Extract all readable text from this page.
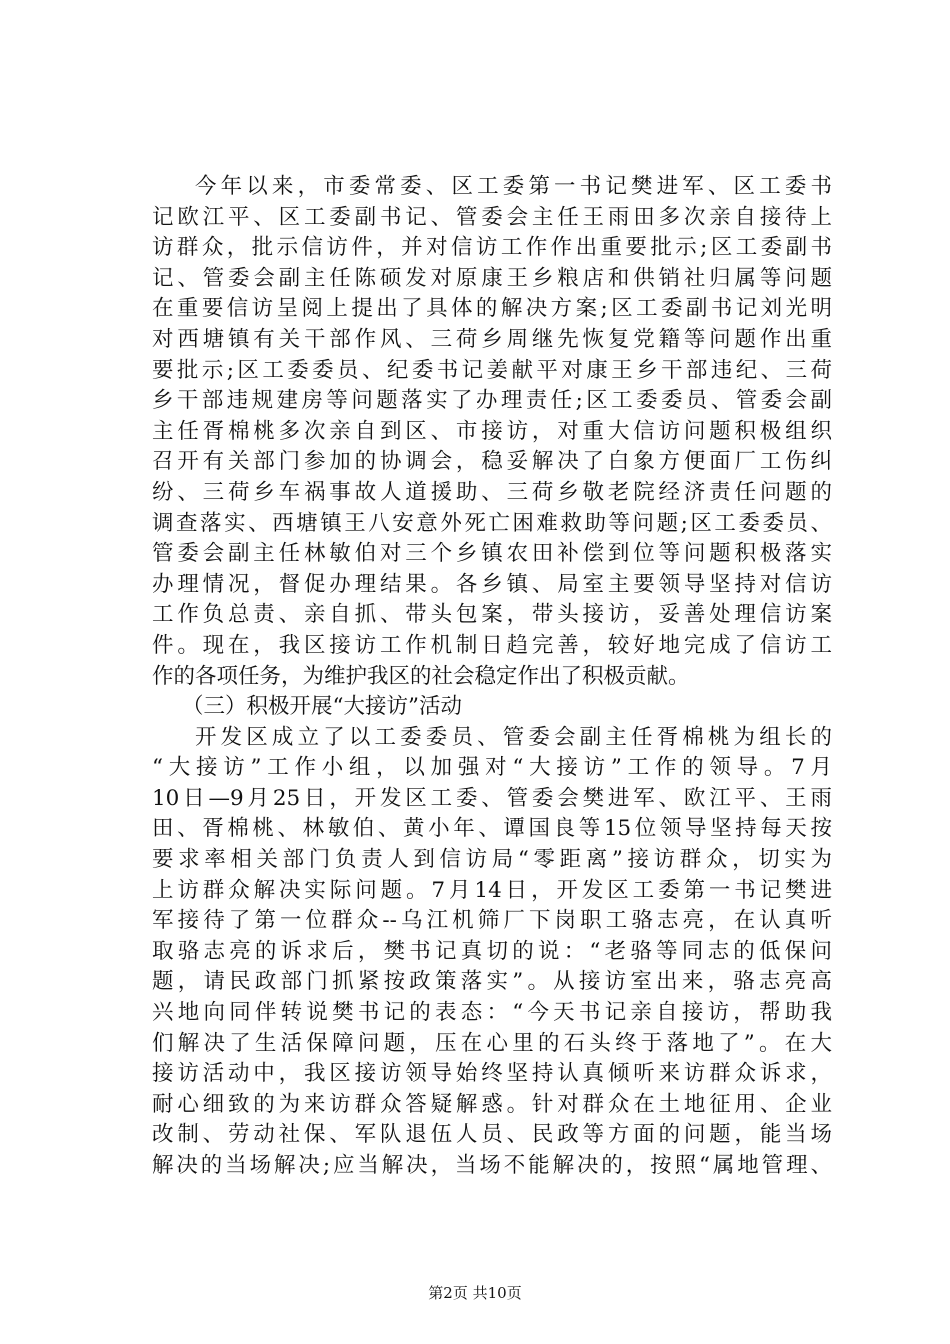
今年以来，市委常委、区工委第一书记樊进军、区工委书
记欧江平、区工委副书记、管委会主任王雨田多次亲自接待上
访群众，批示信访件，并对信访工作作出重要批示;区工委副书
记、管委会副主任陈硕发对原康王乡粮店和供销社归属等问题
在重要信访呈阅上提出了具体的解决方案;区工委副书记刘光明
对西塘镇有关干部作风、三荷乡周继先恢复党籍等问题作出重
要批示;区工委委员、纪委书记姜献平对康王乡干部违纪、三荷
乡干部违规建房等问题落实了办理责任;区工委委员、管委会副
主任胥棉桃多次亲自到区、市接访，对重大信访问题积极组织
召开有关部门参加的协调会，稳妥解决了白象方便面厂工伤纠
纷、三荷乡车祸事故人道援助、三荷乡敬老院经济责任问题的
调查落实、西塘镇王八安意外死亡困难救助等问题;区工委委员、
管委会副主任林敏伯对三个乡镇农田补偿到位等问题积极落实
办理情况，督促办理结果。各乡镇、局室主要领导坚持对信访
工作负总责、亲自抓、带头包案，带头接访，妥善处理信访案
件。现在，我区接访工作机制日趋完善，较好地完成了信访工
作的各项任务，为维护我区的社会稳定作出了积极贡献。
（三）积极开展“大接访”活动
开发区成立了以工委委员、管委会副主任胥棉桃为组长的
“大接访”工作小组，以加强对“大接访”工作的领导。7月
10日—9月25日，开发区工委、管委会樊进军、欧江平、王雨
田、胥棉桃、林敏伯、黄小年、谭国良等15位领导坚持每天按
要求率相关部门负责人到信访局“零距离”接访群众，切实为
上访群众解决实际问题。7月14日，开发区工委第一书记樊进
军接待了第一位群众--乌江机筛厂下岗职工骆志亮，在认真听
取骆志亮的诉求后，樊书记真切的说：“老骆等同志的低保问
题，请民政部门抓紧按政策落实”。从接访室出来，骆志亮高
兴地向同伴转说樊书记的表态：“今天书记亲自接访，帮助我
们解决了生活保障问题，压在心里的石头终于落地了”。在大
接访活动中，我区接访领导始终坚持认真倾听来访群众诉求，
耐心细致的为来访群众答疑解惑。针对群众在土地征用、企业
改制、劳动社保、军队退伍人员、民政等方面的问题，能当场
解决的当场解决;应当解决，当场不能解决的，按照“属地管理、
第2页 共10页
